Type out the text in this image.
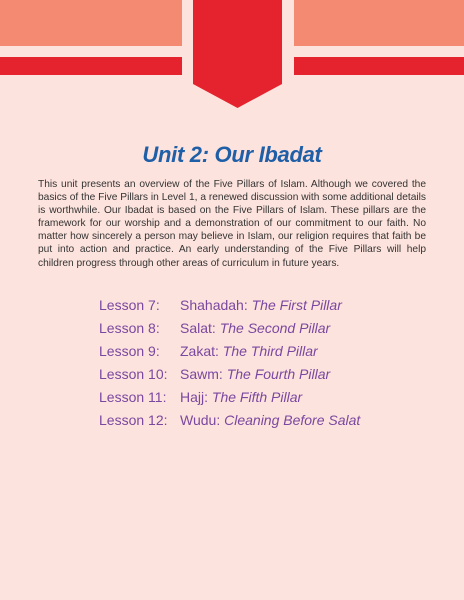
Unit 2: Our Ibadat

This unit presents an overview of the Five Pillars of Islam. Although we covered the basics of the Five Pillars in Level 1, a renewed discussion with some additional details is worthwhile. Our Ibadat is based on the Five Pillars of Islam. These pillars are the framework for our worship and a demonstration of our commitment to our faith. No matter how sincerely a person may believe in Islam, our religion requires that faith be put into action and practice. An early understanding of the Five Pillars will help children progress through other areas of curriculum in future years.

Lesson 7:	Shahadah: The First Pillar
Lesson 8:	Salat: The Second Pillar
Lesson 9:	Zakat: The Third Pillar
Lesson 10: Sawm: The Fourth Pillar
Lesson 11: Hajj: The Fifth Pillar
Lesson 12: Wudu: Cleaning Before Salat
